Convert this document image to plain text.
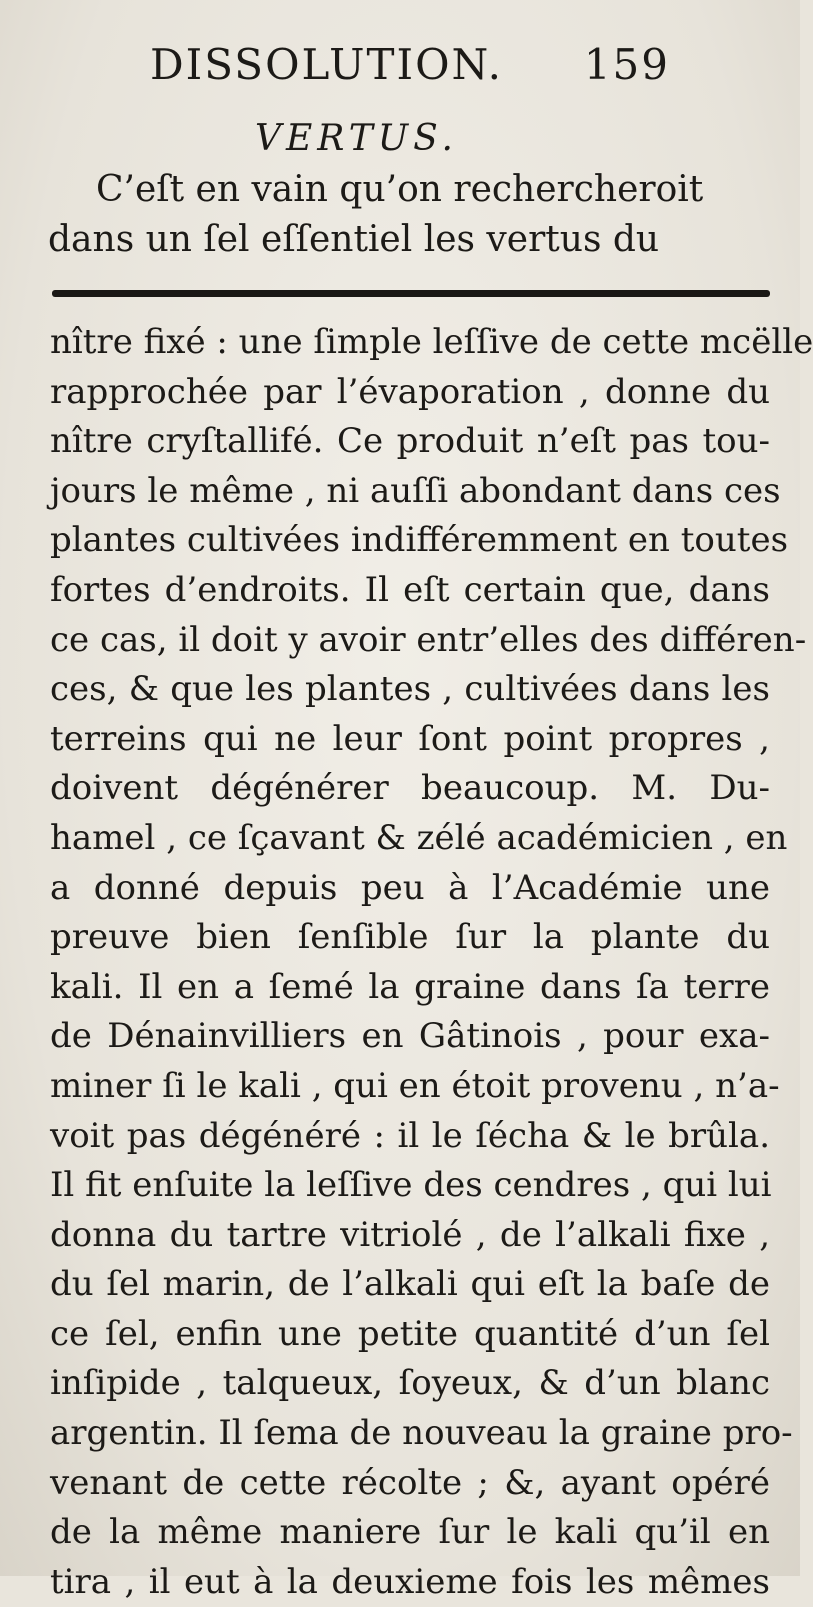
DISSOLUTION. 159
VERTUS.
C’eſt en vain qu’on rechercheroit
dans un ſel eſſentiel les vertus du
nître fixé : une ſimple leſſive de cette mcëlle
rapprochée par l’évaporation , donne du
nître cryſtallifé. Ce produit n’eſt pas tou-
jours le même , ni auſſi abondant dans ces
plantes cultivées indifféremment en toutes
fortes d’endroits. Il eſt certain que, dans
ce cas, il doit y avoir entr’elles des différen-
ces, & que les plantes , cultivées dans les
terreins qui ne leur ſont point propres ,
doivent dégénérer beaucoup. M. Du-
hamel , ce ſçavant & zélé académicien , en
a donné depuis peu à l’Académie une
preuve bien ſenſible ſur la plante du
kali. Il en a ſemé la graine dans ſa terre
de Dénainvilliers en Gâtinois , pour exa-
miner ſi le kali , qui en étoit provenu , n’a-
voit pas dégénéré : il le ſécha & le brûla.
Il fit enſuite la leſſive des cendres , qui lui
donna du tartre vitriolé , de l’alkali fixe ,
du ſel marin, de l’alkali qui eſt la baſe de
ce ſel, enfin une petite quantité d’un ſel
inſipide , talqueux, ſoyeux, & d’un blanc
argentin. Il ſema de nouveau la graine pro-
venant de cette récolte ; &, ayant opéré
de la même maniere ſur le kali qu’il en
tira , il eut à la deuxieme fois les mêmes
